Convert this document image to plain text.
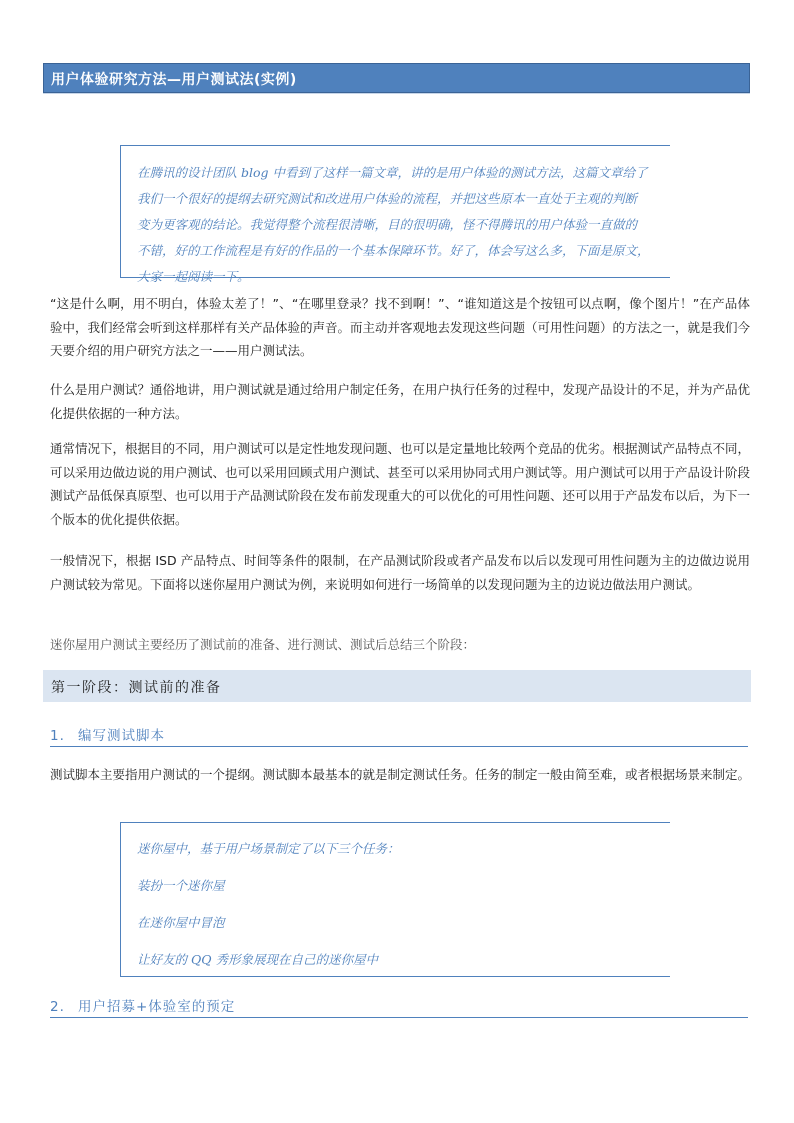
用户体验研究方法—用户测试法(实例)
在腾讯的设计团队 blog 中看到了这样一篇文章，讲的是用户体验的测试方法，这篇文章给了
我们一个很好的提纲去研究测试和改进用户体验的流程，并把这些原本一直处于主观的判断
变为更客观的结论。我觉得整个流程很清晰，目的很明确，怪不得腾讯的用户体验一直做的
不错，好的工作流程是有好的作品的一个基本保障环节。好了，体会写这么多，下面是原文，
大家一起阅读一下。

“这是什么啊，用不明白，体验太差了！”、“在哪里登录？找不到啊！”、“谁知道这是个按钮可以点啊，像个图片！”在产品体验中，我们经常会听到这样那样有关产品体验的声音。而主动并客观地去发现这些问题（可用性问题）的方法之一，就是我们今天要介绍的用户研究方法之一——用户测试法。

什么是用户测试？通俗地讲，用户测试就是通过给用户制定任务，在用户执行任务的过程中，发现产品设计的不足，并为产品优化提供依据的一种方法。

通常情况下，根据目的不同，用户测试可以是定性地发现问题、也可以是定量地比较两个竞品的优劣。根据测试产品特点不同，可以采用边做边说的用户测试、也可以采用回顾式用户测试、甚至可以采用协同式用户测试等。用户测试可以用于产品设计阶段测试产品低保真原型、也可以用于产品测试阶段在发布前发现重大的可以优化的可用性问题、还可以用于产品发布以后，为下一个版本的优化提供依据。

一般情况下，根据 ISD 产品特点、时间等条件的限制，在产品测试阶段或者产品发布以后以发现可用性问题为主的边做边说用户测试较为常见。下面将以迷你屋用户测试为例，来说明如何进行一场简单的以发现问题为主的边说边做法用户测试。

迷你屋用户测试主要经历了测试前的准备、进行测试、测试后总结三个阶段：

第一阶段：测试前的准备
1. 编写测试脚本

测试脚本主要指用户测试的一个提纲。测试脚本最基本的就是制定测试任务。任务的制定一般由简至难，或者根据场景来制定。

迷你屋中，基于用户场景制定了以下三个任务：

装扮一个迷你屋

在迷你屋中冒泡

让好友的 QQ 秀形象展现在自己的迷你屋中

2. 用户招募+体验室的预定
